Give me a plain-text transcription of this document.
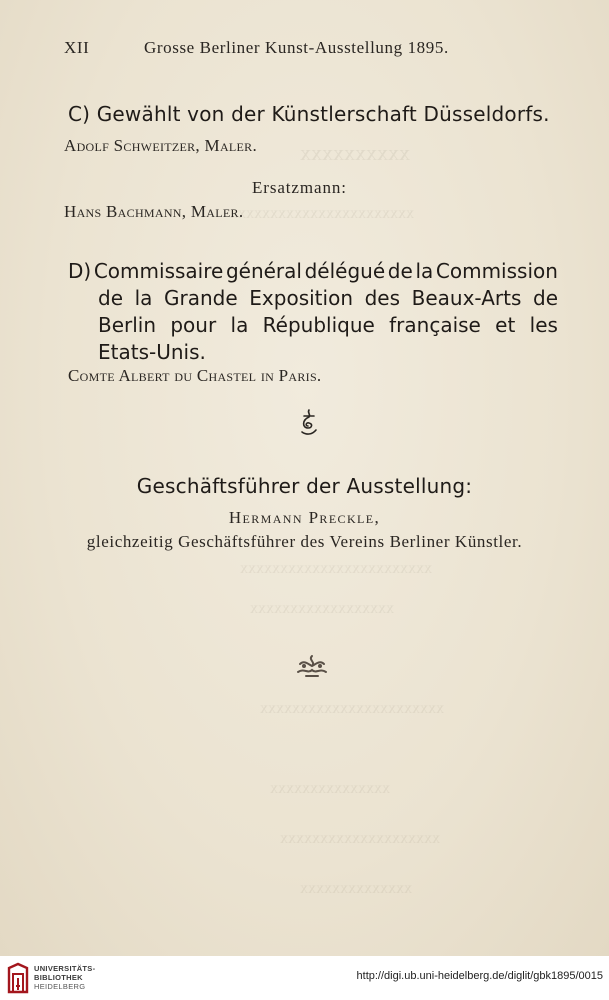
xxxxxxxxxx
xxxxxxxxxxxxxxxxxxxxxxx
xxxxxxxxxxxxxxxxxxxxxxxx
xxxxxxxxxxxxxxxxxx
xxxxxxxxxxxxxxxxxxxxxxx
xxxxxxxxxxxxxxx
xxxxxxxxxxxxxxxxxxxx
xxxxxxxxxxxxxx
XII	Grosse Berliner Kunst-Ausstellung 1895.
C) Gewählt von der Künstlerschaft Düsseldorfs.
Adolf Schweitzer, Maler.
Ersatzmann:
Hans Bachmann, Maler.
D) Commissaire général délégué de la Commission
de la Grande Exposition des Beaux-Arts de
Berlin pour la République française et les
Etats-Unis.
Comte Albert du Chastel in Paris.
Geschäftsführer der Ausstellung:
Hermann Preckle,
gleichzeitig Geschäftsführer des Vereins Berliner Künstler.
UNIVERSITÄTS-
BIBLIOTHEK
HEIDELBERG
http://digi.ub.uni-heidelberg.de/diglit/gbk1895/0015
